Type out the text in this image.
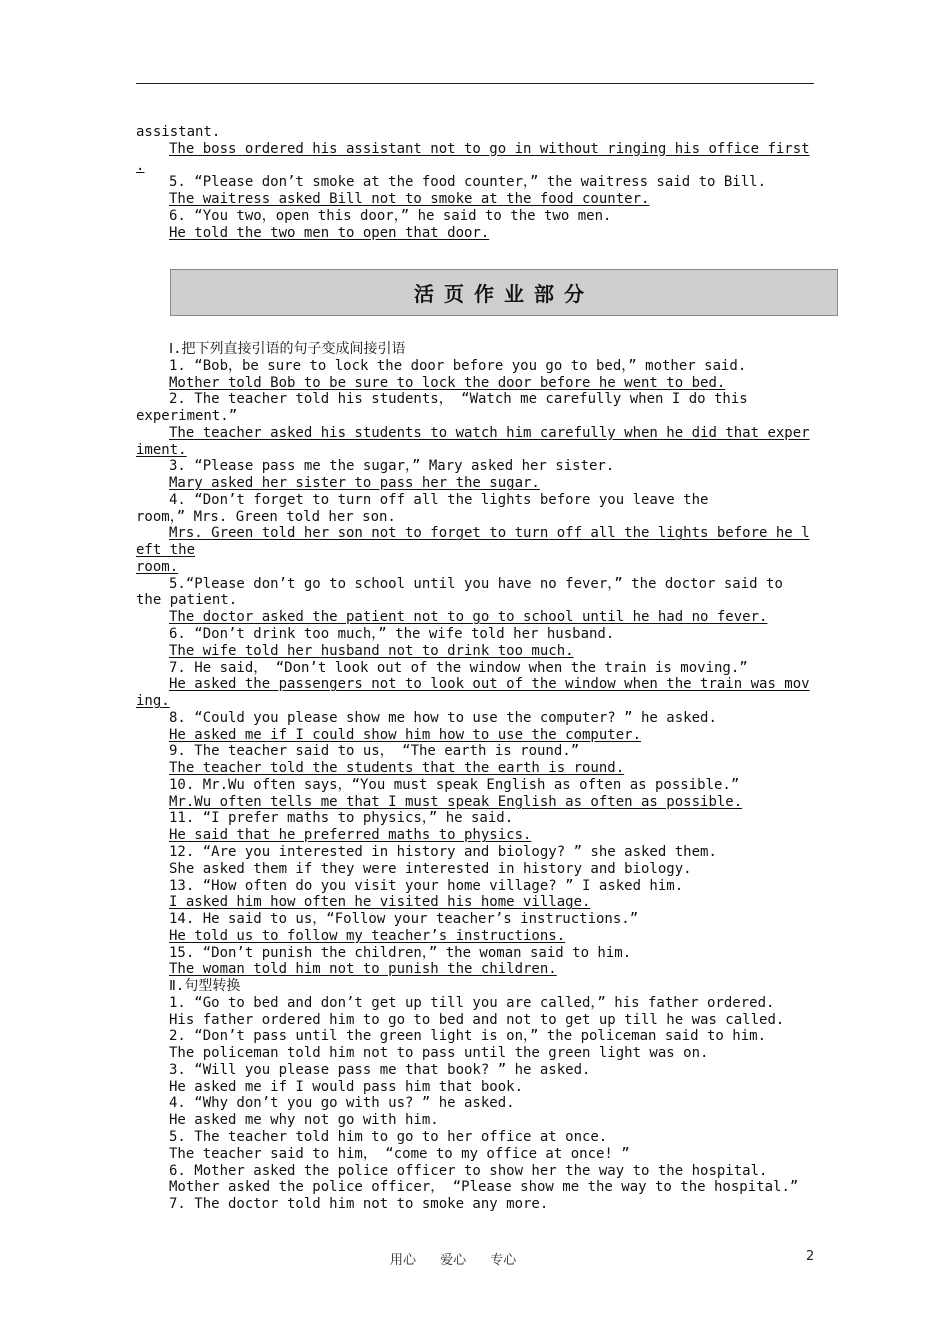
assistant.
The boss ordered his assistant not to go in without ringing his office first
.
5. “Please don’t smoke at the food counter，” the waitress said to Bill.
The waitress asked Bill not to smoke at the food counter.
6. “You two，open this door，” he said to the two men.
He told the two men to open that door.
活页作业部分
Ⅰ.把下列直接引语的句子变成间接引语
1. “Bob，be sure to lock the door before you go to bed，” mother said.
Mother told Bob to be sure to lock the door before he went to bed.
2. The teacher told his students， “Watch me carefully when I do this
experiment.”
The teacher asked his students to watch him carefully when he did that exper
iment.
3. “Please pass me the sugar，” Mary asked her sister.
Mary asked her sister to pass her the sugar.
4. “Don’t forget to turn off all the lights before you leave the
room，” Mrs. Green told her son.
Mrs. Green told her son not to forget to turn off all the lights before he l
eft the
room.
5.“Please don’t go to school until you have no fever，” the doctor said to
the patient.
The doctor asked the patient not to go to school until he had no fever.
6. “Don’t drink too much，” the wife told her husband.
The wife told her husband not to drink too much.
7. He said， “Don’t look out of the window when the train is moving.”
He asked the passengers not to look out of the window when the train was mov
ing.
8. “Could you please show me how to use the computer? ” he asked.
He asked me if I could show him how to use the computer.
9. The teacher said to us， “The earth is round.”
The teacher told the students that the earth is round.
10. Mr.Wu often says，“You must speak English as often as possible.”
Mr.Wu often tells me that I must speak English as often as possible.
11. “I prefer maths to physics，” he said.
He said that he preferred maths to physics.
12. “Are you interested in history and biology? ” she asked them.
She asked them if they were interested in history and biology.
13. “How often do you visit your home village? ” I asked him.
I asked him how often he visited his home village.
14. He said to us，“Follow your teacher’s instructions.”
He told us to follow my teacher’s instructions.
15. “Don’t punish the children，” the woman said to him.
The woman told him not to punish the children.
Ⅱ.句型转换
1. “Go to bed and don’t get up till you are called，” his father ordered.
His father ordered him to go to bed and not to get up till he was called.
2. “Don’t pass until the green light is on，” the policeman said to him.
The policeman told him not to pass until the green light was on.
3. “Will you please pass me that book? ” he asked.
He asked me if I would pass him that book.
4. “Why don’t you go with us? ” he asked.
He asked me why not go with him.
5. The teacher told him to go to her office at once.
The teacher said to him， “come to my office at once! ”
6. Mother asked the police officer to show her the way to the hospital.
Mother asked the police officer， “Please show me the way to the hospital.”
7. The doctor told him not to smoke any more.
用心 爱心 专心	2
